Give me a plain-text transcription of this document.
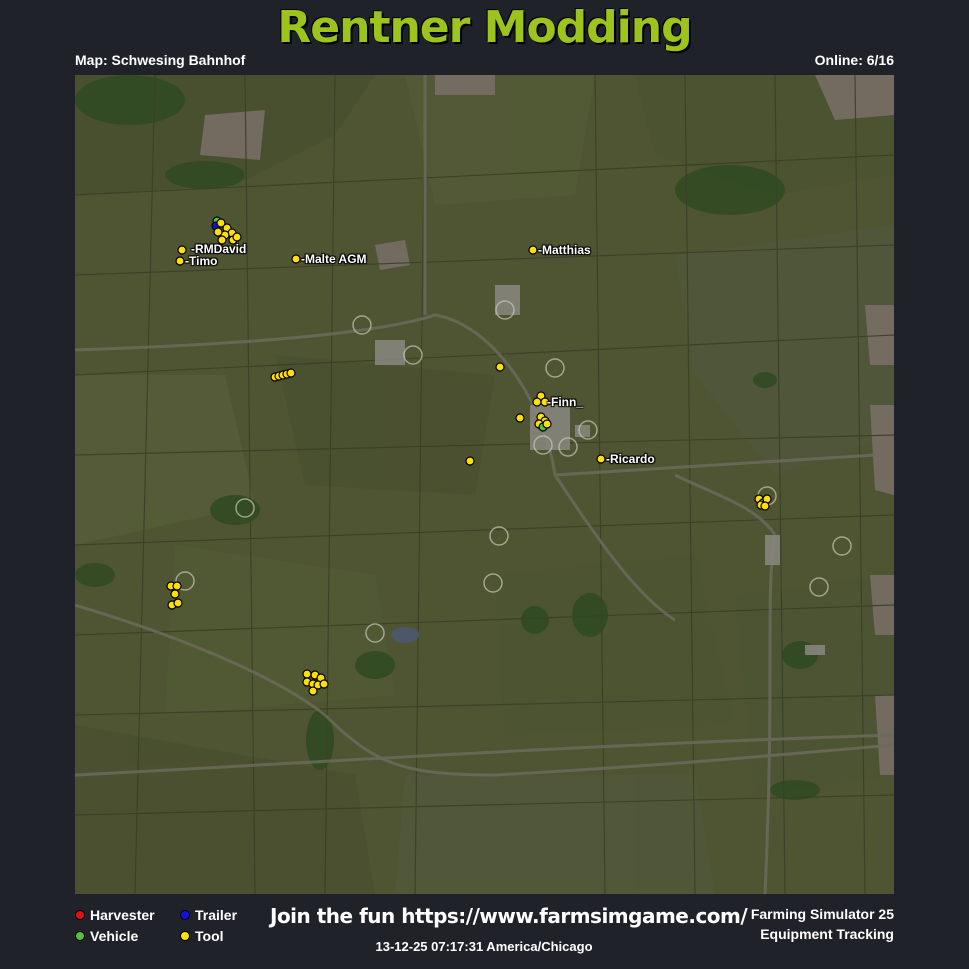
Rentner Modding
Map: Schwesing Bahnhof	Online: 6/16
-RMDavid
-Timo	-Malte AGM
-Matthias
-Finn_
-Ricardo
Harvester
Vehicle
Trailer
Tool
Join the fun https://www.farmsimgame.com/
13-12-25 07:17:31 America/Chicago
Farming Simulator 25
Equipment Tracking
